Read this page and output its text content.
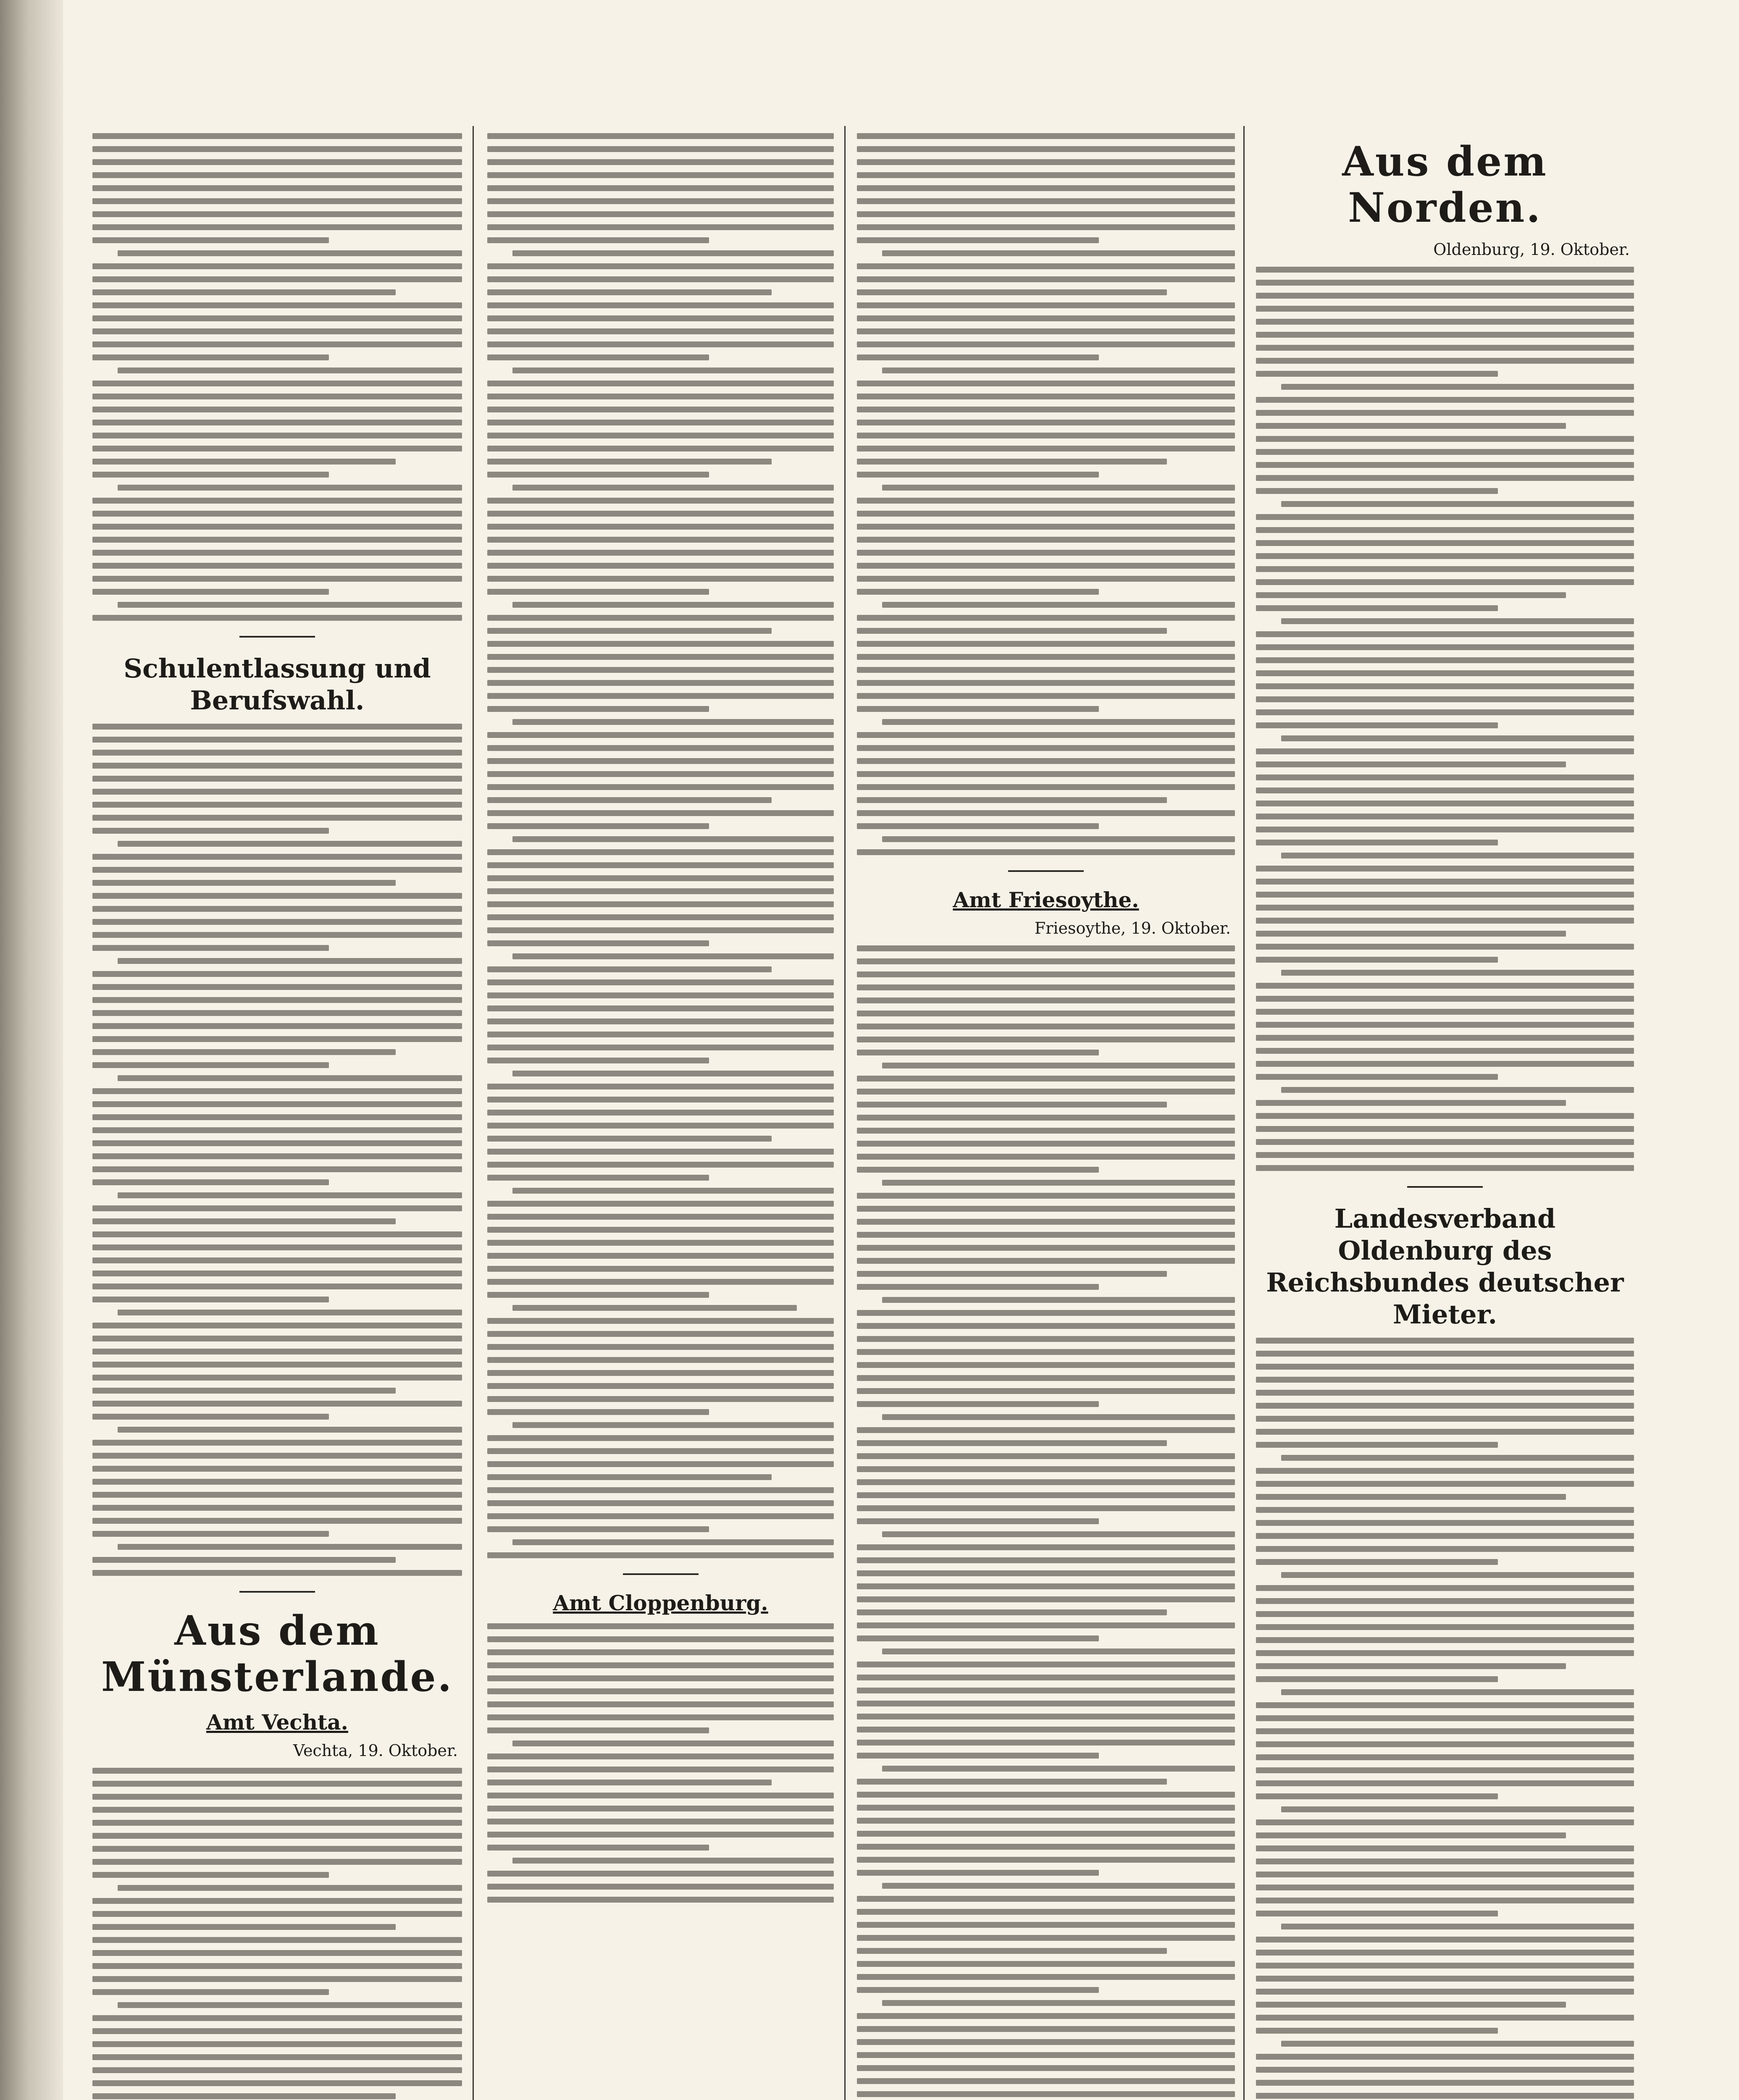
Schulentlassung und Berufswahl.
Aus dem Münsterlande.
Amt Vechta.
Vechta, 19. Oktober.
Amt Cloppenburg.
Amt Friesoythe.
Friesoythe, 19. Oktober.
Aus dem Norden.
Oldenburg, 19. Oktober.
Landesverband Oldenburg des Reichsbundes deutscher Mieter.
